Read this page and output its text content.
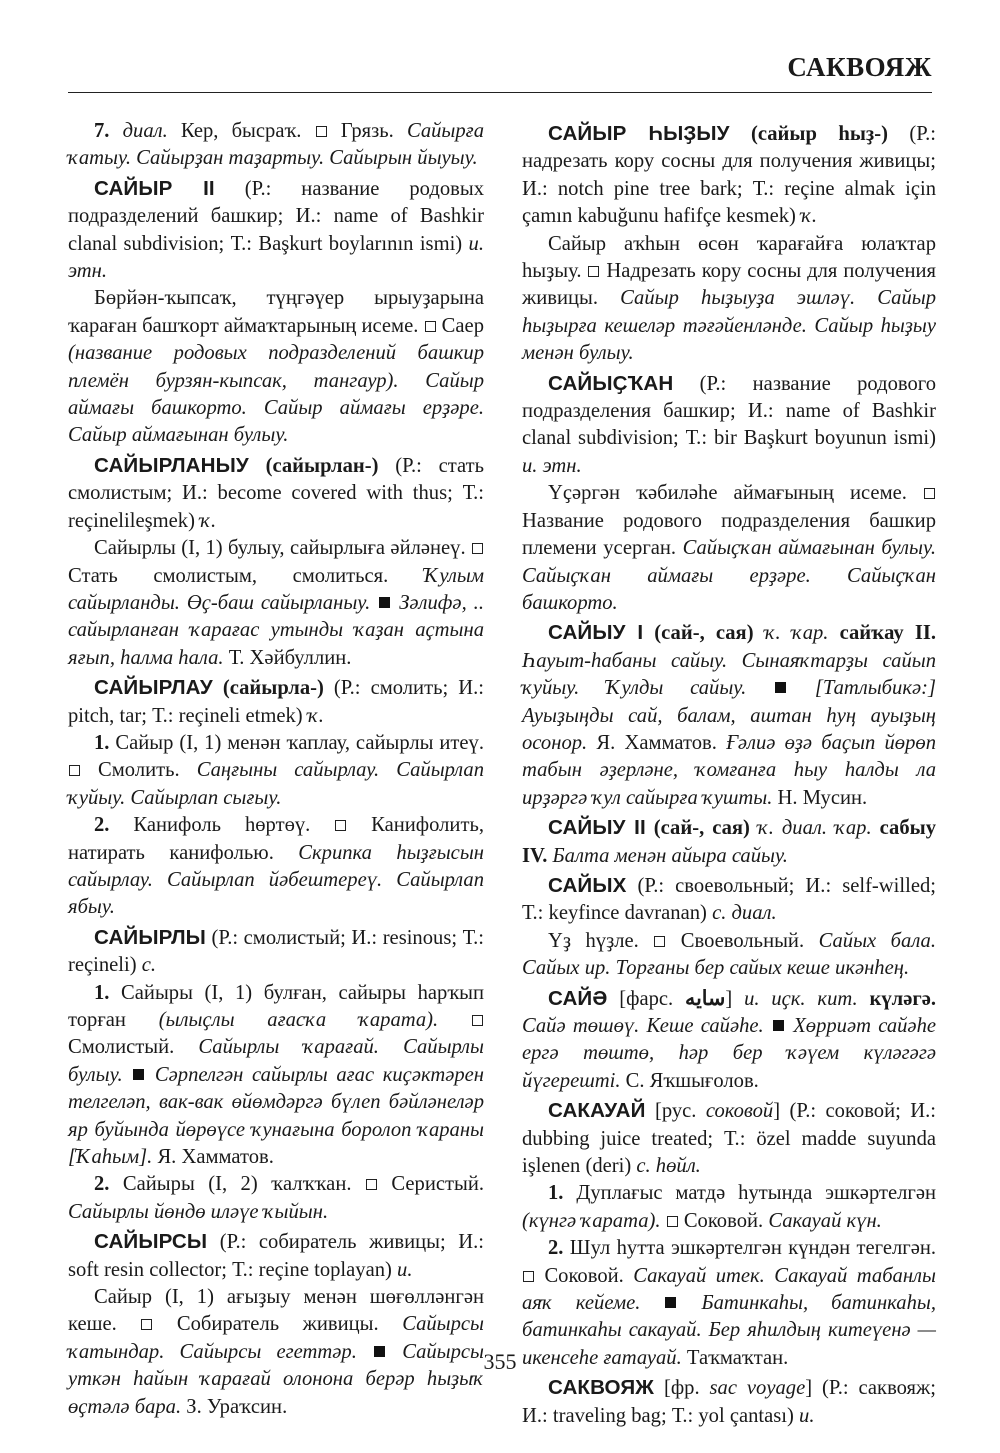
САКВОЯЖ

7. диал. Кер, бысраҡ.  Грязь. Сайырға ҡатыу. Сайырҙан таҙартыу. Сайырын йыуыу.

САЙЫР II (Р.: название родовых подразделений башкир; И.: name of Bashkir clanal subdivision; Т.: Başkurt boylarının ismi) и. этн.

Бөрйән-ҡыпсаҡ, түңгәүер ырыуҙарына ҡараған башҡорт аймаҡтарының исеме.  Саер (название родовых подразделений башкир племён бурзян-кыпсак, тангаур). Сайыр аймағы башкорто. Сайыр аймағы ерҙәре. Сайыр аймағынан булыу.

САЙЫРЛАНЫУ (сайырлан-) (Р.: стать смолистым; И.: become covered with thus; Т.: reçinelileşmek) ҡ.

Сайырлы (I, 1) булыу, сайырлыға әйләнеү.  Стать смолистым, смолиться. Ҡулым сайырланды. Өҫ-баш сайырланыу.  Зәлифә, .. сайырланған ҡарағас утынды ҡаҙан аҫтына яғып, һалма һала. Т. Хәйбуллин.

САЙЫРЛАУ (сайырла-) (Р.: смолить; И.: pitch, tar; Т.: reçineli etmek) ҡ.

1. Сайыр (I, 1) менән ҡаплау, сайырлы итеү.  Смолить. Саңғыны сайырлау. Сайырлап ҡуйыу. Сайырлап сығыу.

2. Канифоль һөртөү.  Канифолить, натирать канифолью. Скрипка һыҙғысын сайырлау. Сайырлап йәбештереү. Сайырлап ябыу.

САЙЫРЛЫ (Р.: смолистый; И.: resinous; Т.: reçineli) с.

1. Сайыры (I, 1) булған, сайыры һарҡып торған (ылыҫлы ағасҡа ҡарата).  Смолистый. Сайырлы ҡарағай. Сайырлы булыу.  Сәрпелгән сайырлы ағас киҫәктәрен телгеләп, вак-вак өйөмдәргә бүлеп бәйләнеләр яр буйында йөрөүсе ҡунағына боролоп ҡараны [Ҡаһым]. Я. Хамматов.

2. Сайыры (I, 2) ҡалҡҡан.  Серистый. Сайырлы йөндө иләүе ҡыйын.

САЙЫРСЫ (Р.: собиратель живицы; И.: soft resin collector; Т.: reçine toplayan) и.

Сайыр (I, 1) ағыҙыу менән шөғөлләнгән кеше.  Собиратель живицы. Сайырсы ҡатындар. Сайырсы егеттәр.  Сайырсы уткән һайын ҡарағай олонона берәр һыҙыҡ өҫтәлә бара. З. Ураҡсин.

САЙЫР ҺЫҘЫУ (сайыр һыҙ-) (Р.: надрезать кору сосны для получения живицы; И.: notch pine tree bark; Т.: reçine almak için çamın kabuğunu hafifçe kesmek) ҡ.

Сайыр аҡһын өсөн ҡарағайға юлаҡтар һыҙыу.  Надрезать кору сосны для получения живицы. Сайыр һыҙыуҙа эшләү. Сайыр һыҙырға кешеләр тәғәйенләнде. Сайыр һыҙыу менән булыу.

САЙЫҪҠАН (Р.: название родового подразделения башкир; И.: name of Bashkir clanal subdivision; Т.: bir Başkurt boyunun ismi) и. этн.

Үҫәргән ҡәбиләһе аймағының исеме.  Название родового подразделения башкир племени усерган. Сайыҫҡан аймағынан булыу. Сайыҫҡан аймағы ерҙәре. Сайыҫҡан башкорто.

САЙЫУ I (сай-, сая) ҡ. ҡар. сайҡау II. Һауыт-һабаны сайыу. Сынаяҡтарҙы сайып ҡуйыу. Ҡулды сайыу.  [Татлыбикә:] Ауыҙыңды сай, балам, аштан һуң ауыҙың осонор. Я. Хамматов. Ғәлиә өҙә баҫып йөрөп табын әҙерләне, ҡомғанға һыу һалды ла ирҙәргә ҡул сайырға ҡушты. Н. Мусин.

САЙЫУ II (сай-, сая) ҡ. диал. ҡар. сабыу IV. Балта менән айыра сайыу.

САЙЫХ (Р.: своевольный; И.: self-willed; Т.: keyfince davranan) с. диал.

Үҙ һүҙле.  Своевольный. Сайых бала. Сайых ир. Торғаны бер сайых кеше икәнһең.

САЙӘ [фарс. سایه] и. иҫк. кит. күләгә. Сайә төшөү. Кеше сайәһе.  Хөрриәт сайәһе ергә төштө, һәр бер ҡәүем күләгәгә йүгерешті. С. Яҡшығолов.

САКАУАЙ [рус. соковой] (Р.: соковой; И.: dubbing juice treated; Т.: özel madde suyunda işlenen (deri) с. һөйл.

1. Дуплағыс матдә һутында эшкәртелгән (күнгә ҡарата).  Соковой. Сакауай күн.

2. Шул һутта эшкәртелгән күндән тегелгән.  Соковой. Сакауай итек. Сакауай табанлы аяҡ кейеме.  Батинкаһы, батинкаһы, батинкаһы сакауай. Бер яһилдың китеүенә — икенсеһе ғатауай. Таҡмаҡтан.

САКВОЯЖ [фр. sac voyage] (Р.: саквояж; И.: traveling bag; Т.: yol çantası) и.

355
